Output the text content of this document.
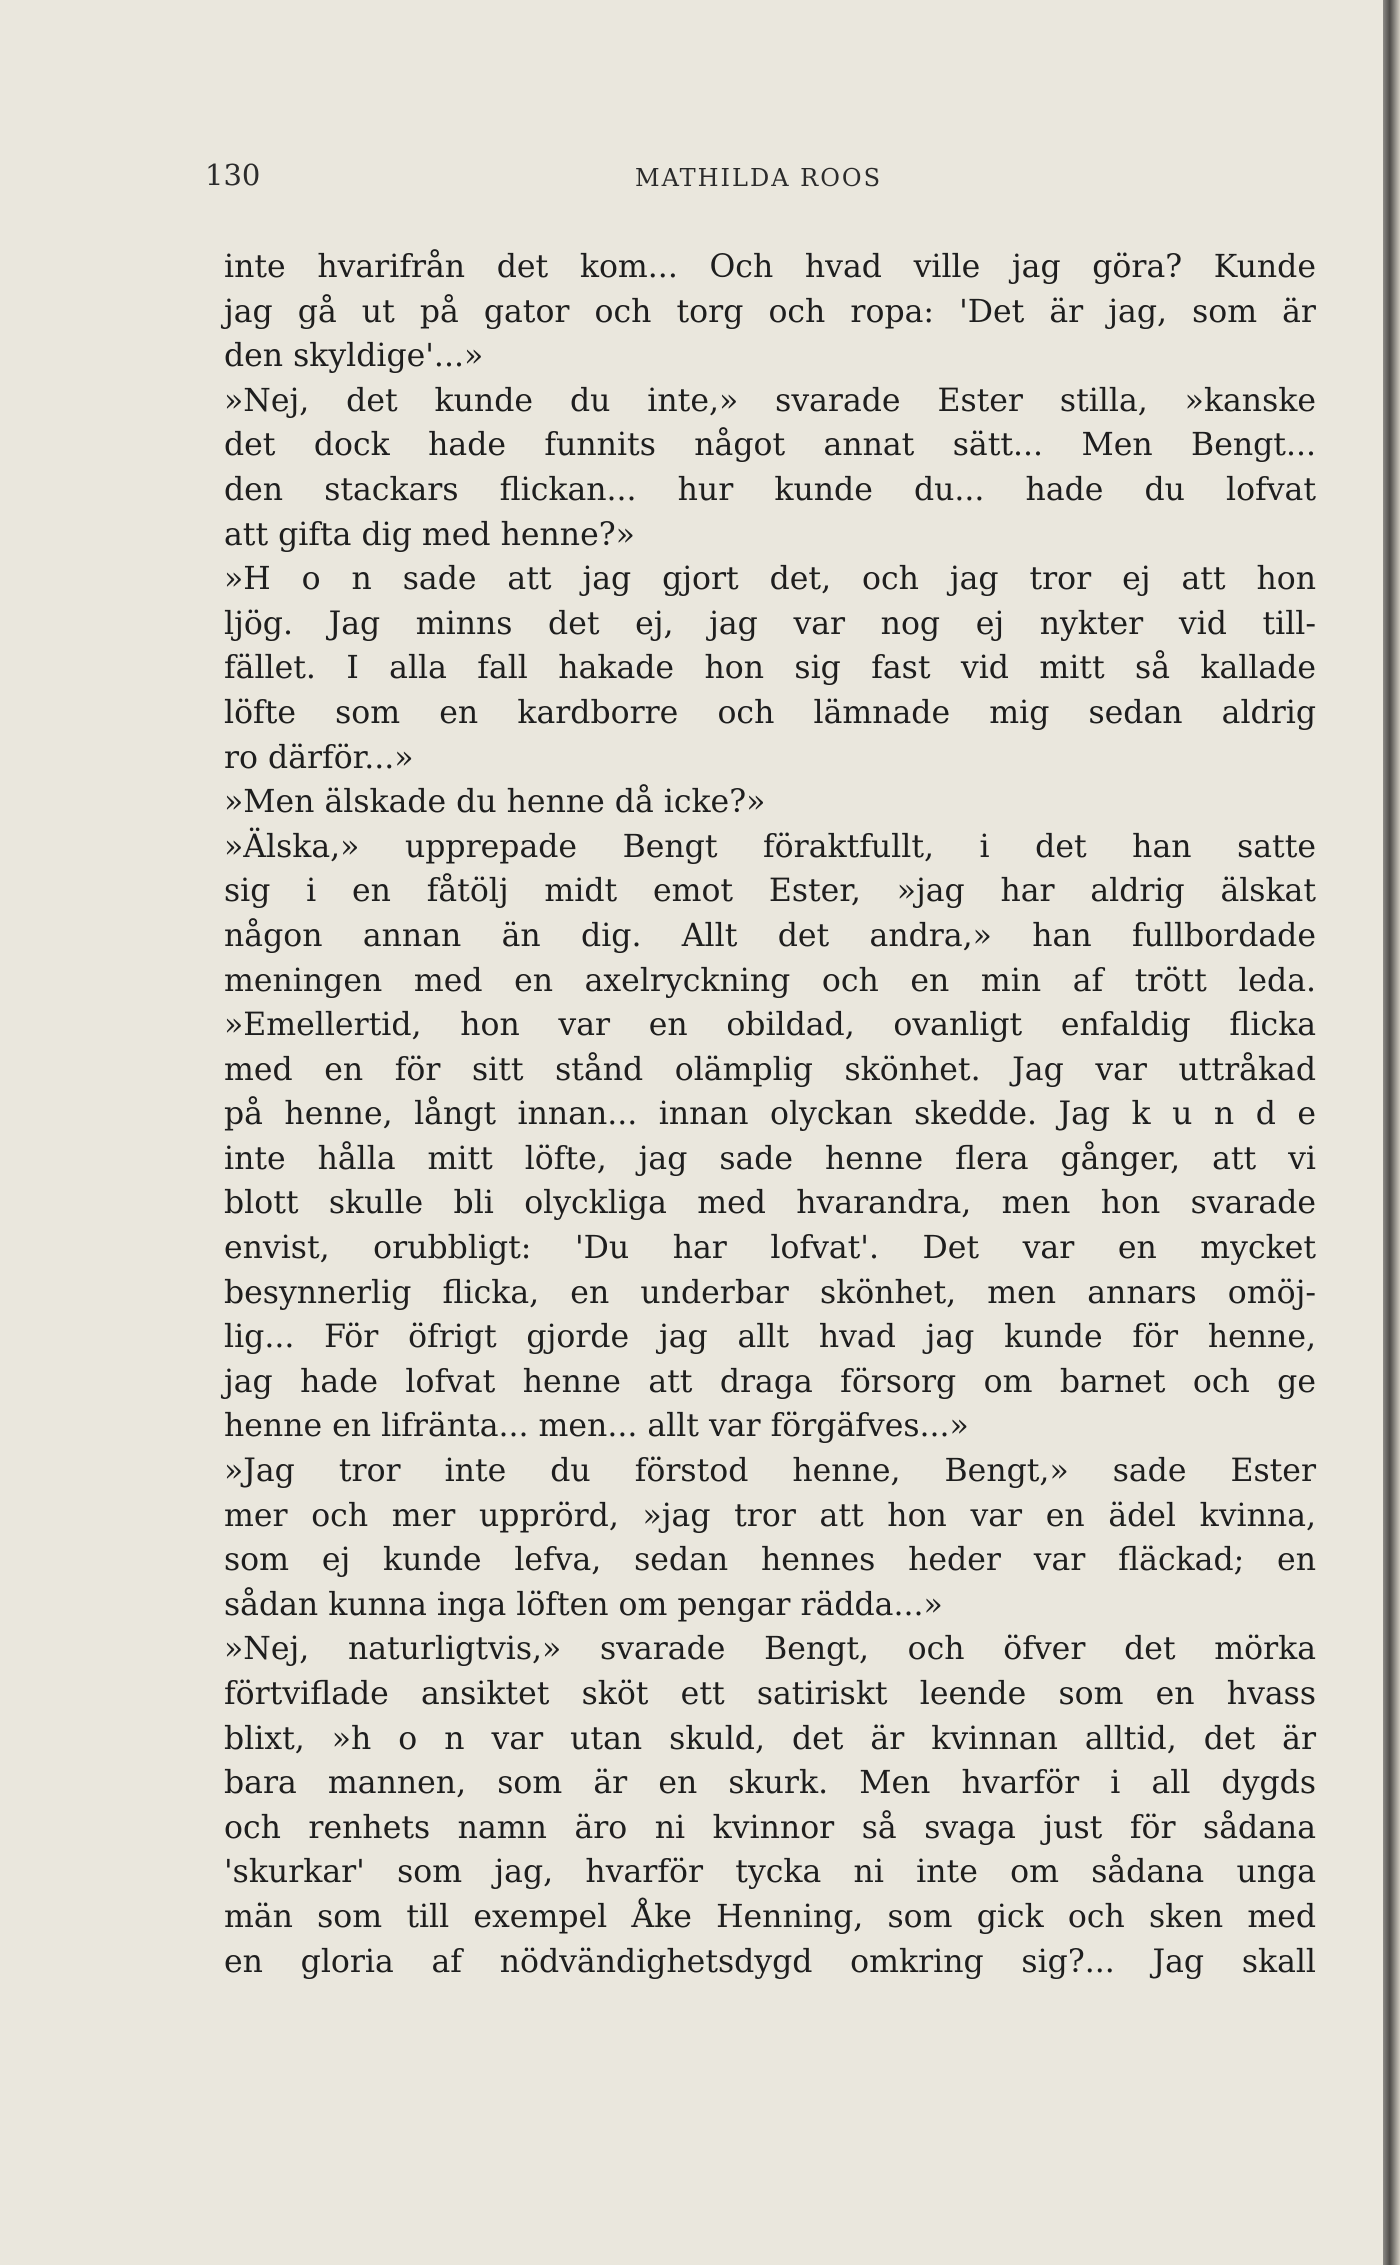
130	MATHILDA ROOS
inte hvarifrån det kom... Och hvad ville jag göra? Kunde
jag gå ut på gator och torg och ropa: 'Det är jag, som är
den skyldige'...»
»Nej, det kunde du inte,» svarade Ester stilla, »kanske
det dock hade funnits något annat sätt... Men Bengt...
den stackars flickan... hur kunde du... hade du lofvat
att gifta dig med henne?»
»H o n sade att jag gjort det, och jag tror ej att hon
ljög. Jag minns det ej, jag var nog ej nykter vid till-
fället. I alla fall hakade hon sig fast vid mitt så kallade
löfte som en kardborre och lämnade mig sedan aldrig
ro därför...»
»Men älskade du henne då icke?»
»Älska,» upprepade Bengt föraktfullt, i det han satte
sig i en fåtölj midt emot Ester, »jag har aldrig älskat
någon annan än dig. Allt det andra,» han fullbordade
meningen med en axelryckning och en min af trött leda.
»Emellertid, hon var en obildad, ovanligt enfaldig flicka
med en för sitt stånd olämplig skönhet. Jag var uttråkad
på henne, långt innan... innan olyckan skedde. Jag k u n d e
inte hålla mitt löfte, jag sade henne flera gånger, att vi
blott skulle bli olyckliga med hvarandra, men hon svarade
envist, orubbligt: 'Du har lofvat'. Det var en mycket
besynnerlig flicka, en underbar skönhet, men annars omöj-
lig... För öfrigt gjorde jag allt hvad jag kunde för henne,
jag hade lofvat henne att draga försorg om barnet och ge
henne en lifränta... men... allt var förgäfves...»
»Jag tror inte du förstod henne, Bengt,» sade Ester
mer och mer upprörd, »jag tror att hon var en ädel kvinna,
som ej kunde lefva, sedan hennes heder var fläckad; en
sådan kunna inga löften om pengar rädda...»
»Nej, naturligtvis,» svarade Bengt, och öfver det mörka
förtviflade ansiktet sköt ett satiriskt leende som en hvass
blixt, »h o n var utan skuld, det är kvinnan alltid, det är
bara mannen, som är en skurk. Men hvarför i all dygds
och renhets namn äro ni kvinnor så svaga just för sådana
'skurkar' som jag, hvarför tycka ni inte om sådana unga
män som till exempel Åke Henning, som gick och sken med
en gloria af nödvändighetsdygd omkring sig?... Jag skall
